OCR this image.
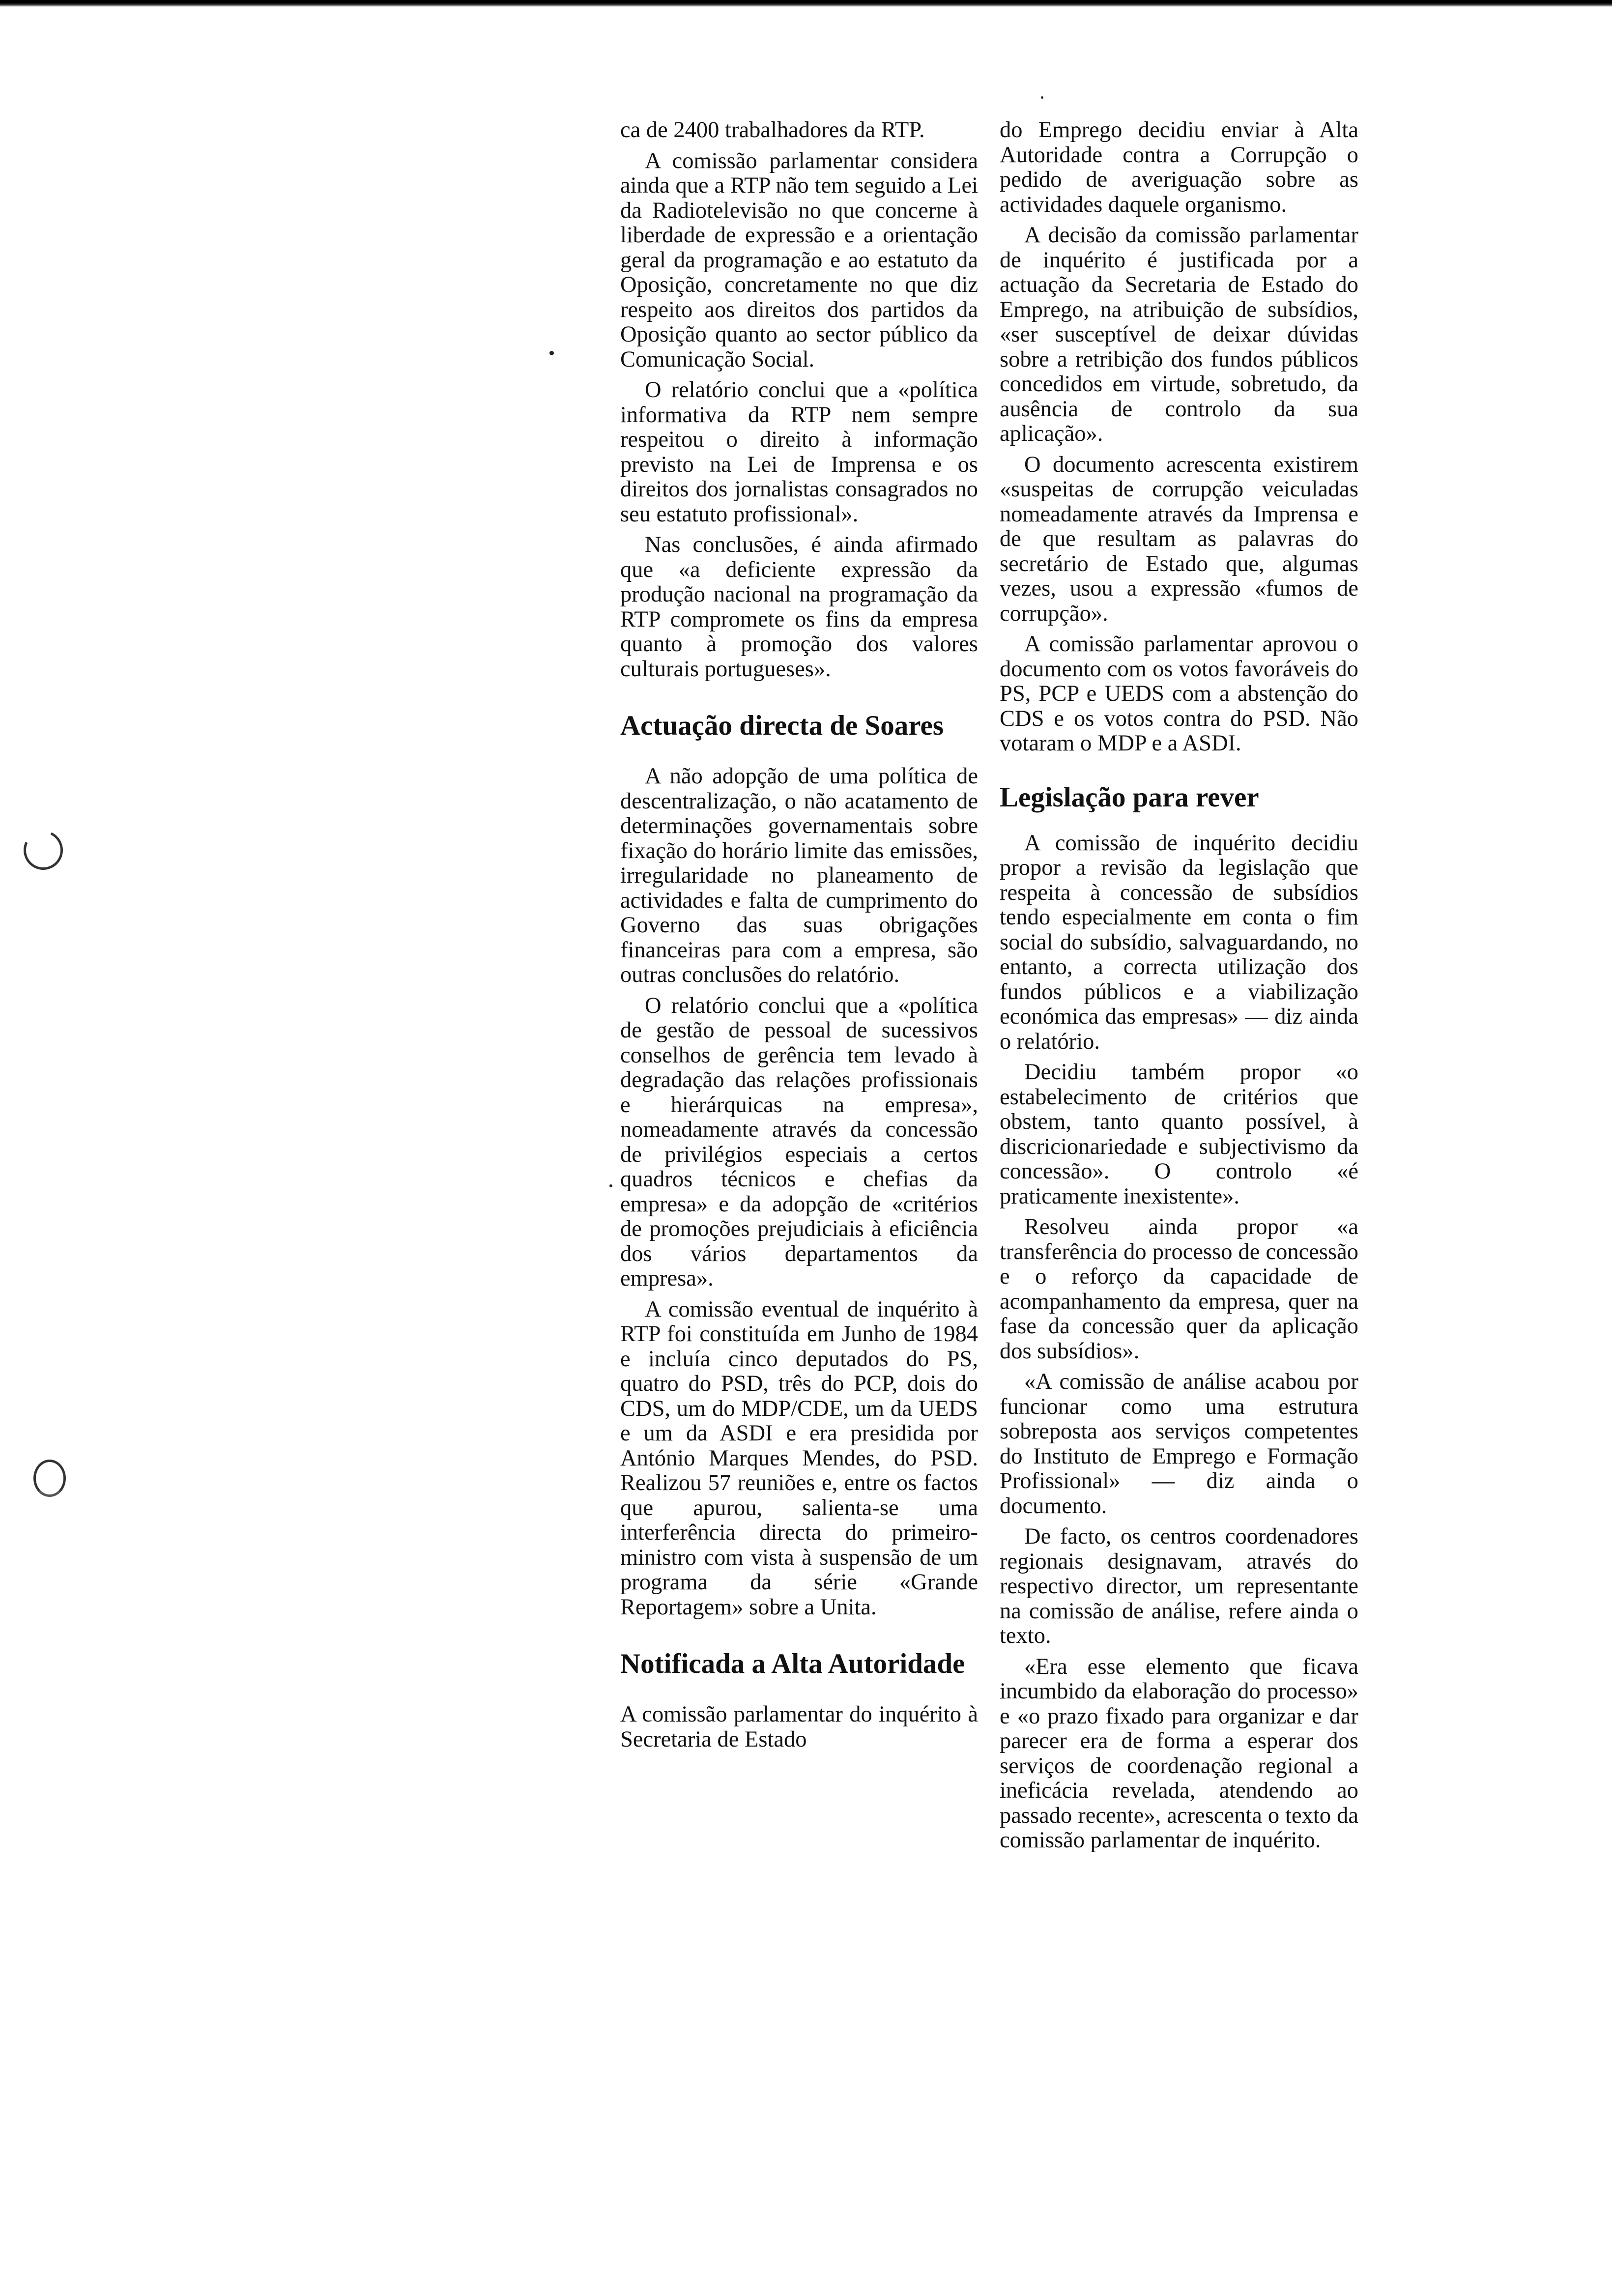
ca de 2400 trabalhadores da RTP.

A comissão parlamentar considera ainda que a RTP não tem seguido a Lei da Radiotelevisão no que concerne à liberdade de expressão e a orientação geral da programação e ao estatuto da Oposição, concretamente no que diz respeito aos direitos dos partidos da Oposição quanto ao sector público da Comunicação Social.

O relatório conclui que a «política informativa da RTP nem sempre respeitou o direito à informação previsto na Lei de Imprensa e os direitos dos jornalistas consagrados no seu estatuto profissional».

Nas conclusões, é ainda afirmado que «a deficiente expressão da produção nacional na programação da RTP compromete os fins da empresa quanto à promoção dos valores culturais portugueses».

Actuação directa de Soares

A não adopção de uma política de descentralização, o não acatamento de determinações governamentais sobre fixação do horário limite das emissões, irregularidade no planeamento de actividades e falta de cumprimento do Governo das suas obrigações financeiras para com a empresa, são outras conclusões do relatório.

O relatório conclui que a «política de gestão de pessoal de sucessivos conselhos de gerência tem levado à degradação das relações profissionais e hierárquicas na empresa», nomeadamente através da concessão de privilégios especiais a certos quadros técnicos e chefias da empresa» e da adopção de «critérios de promoções prejudiciais à eficiência dos vários departamentos da empresa».

A comissão eventual de inquérito à RTP foi constituída em Junho de 1984 e incluía cinco deputados do PS, quatro do PSD, três do PCP, dois do CDS, um do MDP/CDE, um da UEDS e um da ASDI e era presidida por António Marques Mendes, do PSD. Realizou 57 reuniões e, entre os factos que apurou, salienta-se uma interferência directa do primeiro-ministro com vista à suspensão de um programa da série «Grande Reportagem» sobre a Unita.

Notificada a Alta Autoridade

A comissão parlamentar do inquérito à Secretaria de Estado

do Emprego decidiu enviar à Alta Autoridade contra a Corrupção o pedido de averiguação sobre as actividades daquele organismo.

A decisão da comissão parlamentar de inquérito é justificada por a actuação da Secretaria de Estado do Emprego, na atribuição de subsídios, «ser susceptível de deixar dúvidas sobre a retribição dos fundos públicos concedidos em virtude, sobretudo, da ausência de controlo da sua aplicação».

O documento acrescenta existirem «suspeitas de corrupção veiculadas nomeadamente através da Imprensa e de que resultam as palavras do secretário de Estado que, algumas vezes, usou a expressão «fumos de corrupção».

A comissão parlamentar aprovou o documento com os votos favoráveis do PS, PCP e UEDS com a abstenção do CDS e os votos contra do PSD. Não votaram o MDP e a ASDI.

Legislação para rever

A comissão de inquérito decidiu propor a revisão da legislação que respeita à concessão de subsídios tendo especialmente em conta o fim social do subsídio, salvaguardando, no entanto, a correcta utilização dos fundos públicos e a viabilização económica das empresas» — diz ainda o relatório.

Decidiu também propor «o estabelecimento de critérios que obstem, tanto quanto possível, à discricionariedade e subjectivismo da concessão». O controlo «é praticamente inexistente».

Resolveu ainda propor «a transferência do processo de concessão e o reforço da capacidade de acompanhamento da empresa, quer na fase da concessão quer da aplicação dos subsídios».

«A comissão de análise acabou por funcionar como uma estrutura sobreposta aos serviços competentes do Instituto de Emprego e Formação Profissional» — diz ainda o documento.

De facto, os centros coordenadores regionais designavam, através do respectivo director, um representante na comissão de análise, refere ainda o texto.

«Era esse elemento que ficava incumbido da elaboração do processo» e «o prazo fixado para organizar e dar parecer era de forma a esperar dos serviços de coordenação regional a ineficácia revelada, atendendo ao passado recente», acrescenta o texto da comissão parlamentar de inquérito.
